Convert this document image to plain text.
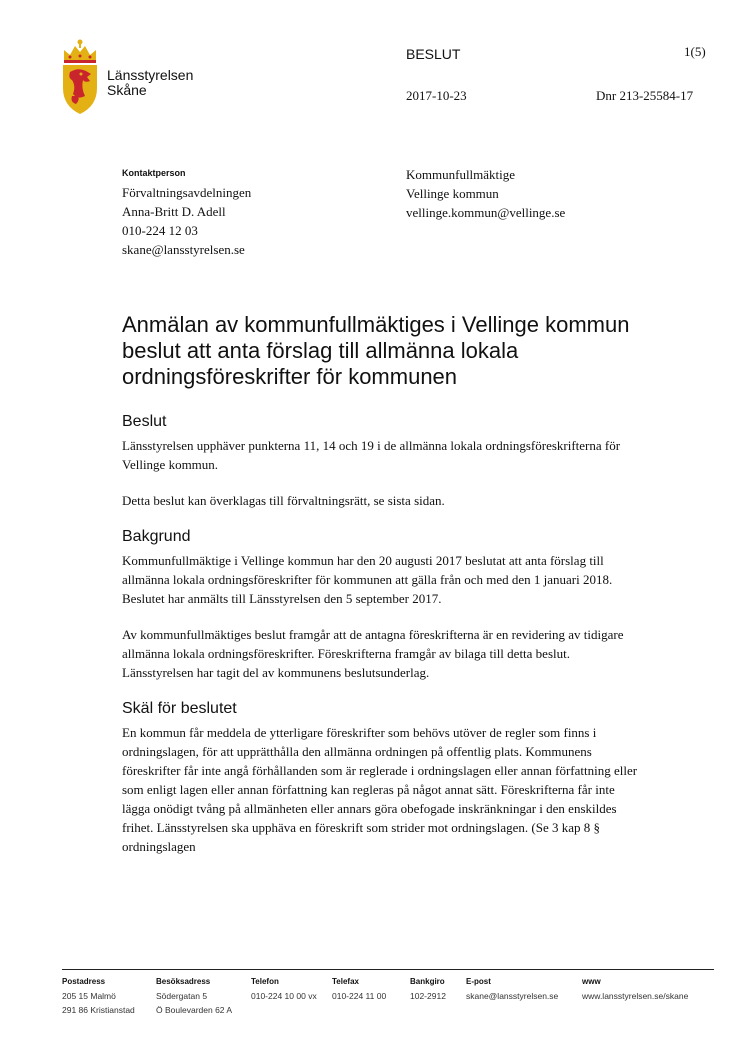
Länsstyrelsen
Skåne
BESLUT	1(5)
2017-10-23	Dnr 213-25584-17
Kontaktperson
Förvaltningsavdelningen
Anna-Britt D. Adell
010-224 12 03
skane@lansstyrelsen.se
Kommunfullmäktige
Vellinge kommun
vellinge.kommun@vellinge.se
Anmälan av kommunfullmäktiges i Vellinge kommun beslut att anta förslag till allmänna lokala ordningsföreskrifter för kommunen
Beslut

Länsstyrelsen upphäver punkterna 11, 14 och 19 i de allmänna lokala ordningsföreskrifterna för Vellinge kommun.

Detta beslut kan överklagas till förvaltningsrätt, se sista sidan.

Bakgrund

Kommunfullmäktige i Vellinge kommun har den 20 augusti 2017 beslutat att anta förslag till allmänna lokala ordningsföreskrifter för kommunen att gälla från och med den 1 januari 2018. Beslutet har anmälts till Länsstyrelsen den 5 september 2017.

Av kommunfullmäktiges beslut framgår att de antagna föreskrifterna är en revidering av tidigare allmänna lokala ordningsföreskrifter. Föreskrifterna framgår av bilaga till detta beslut. Länsstyrelsen har tagit del av kommunens beslutsunderlag.

Skäl för beslutet

En kommun får meddela de ytterligare föreskrifter som behövs utöver de regler som finns i ordningslagen, för att upprätthålla den allmänna ordningen på offentlig plats. Kommunens föreskrifter får inte angå förhållanden som är reglerade i ordningslagen eller annan författning eller som enligt lagen eller annan författning kan regleras på något annat sätt. Föreskrifterna får inte lägga onödigt tvång på allmänheten eller annars göra obefogade inskränkningar i den enskildes frihet. Länsstyrelsen ska upphäva en föreskrift som strider mot ordningslagen. (Se 3 kap 8 § ordningslagen

Postadress
205 15 Malmö
291 86 Kristianstad
Besöksadress
Södergatan 5
Ö Boulevarden 62 A
Telefon
010-224 10 00 vx
Telefax
010-224 11 00
Bankgiro
102-2912
E-post
skane@lansstyrelsen.se
www
www.lansstyrelsen.se/skane
